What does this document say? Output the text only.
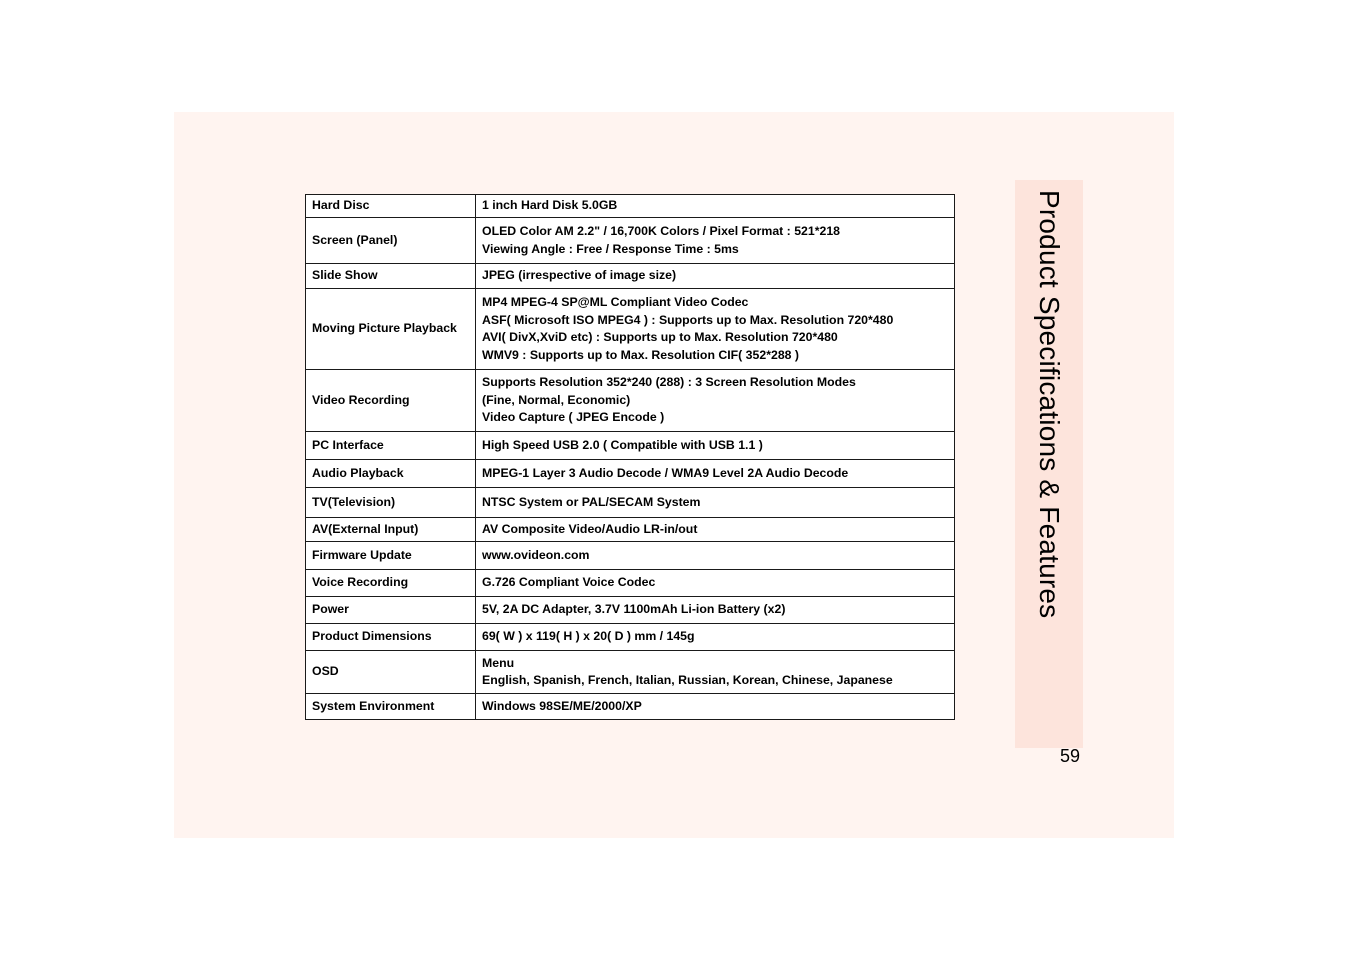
Hard Disc	1 inch Hard Disk 5.0GB

Screen (Panel)	OLED Color AM 2.2" / 16,700K Colors / Pixel Format : 521*218
Viewing Angle : Free / Response Time : 5ms

Slide Show	JPEG (irrespective of image size)

Moving Picture Playback	MP4 MPEG-4 SP@ML Compliant Video Codec
ASF( Microsoft ISO MPEG4 ) : Supports up to Max. Resolution 720*480
AVI( DivX,XviD etc) : Supports up to Max. Resolution 720*480
WMV9 : Supports up to Max. Resolution CIF( 352*288 )

Video Recording	Supports Resolution 352*240 (288) : 3 Screen Resolution Modes
(Fine, Normal, Economic)
Video Capture ( JPEG Encode )

PC Interface	High Speed USB 2.0 ( Compatible with USB 1.1 )

Audio Playback	MPEG-1 Layer 3 Audio Decode / WMA9 Level 2A Audio Decode

TV(Television)	NTSC System or PAL/SECAM System

AV(External Input)	AV Composite Video/Audio LR-in/out

Firmware Update	www.ovideon.com

Voice Recording	G.726 Compliant Voice Codec

Power	5V, 2A DC Adapter, 3.7V 1100mAh Li-ion Battery (x2)

Product Dimensions	69( W ) x 119( H ) x 20( D ) mm / 145g

OSD	Menu
English, Spanish, French, Italian, Russian, Korean, Chinese, Japanese

System Environment	Windows 98SE/ME/2000/XP
Product Specifications & Features
59
